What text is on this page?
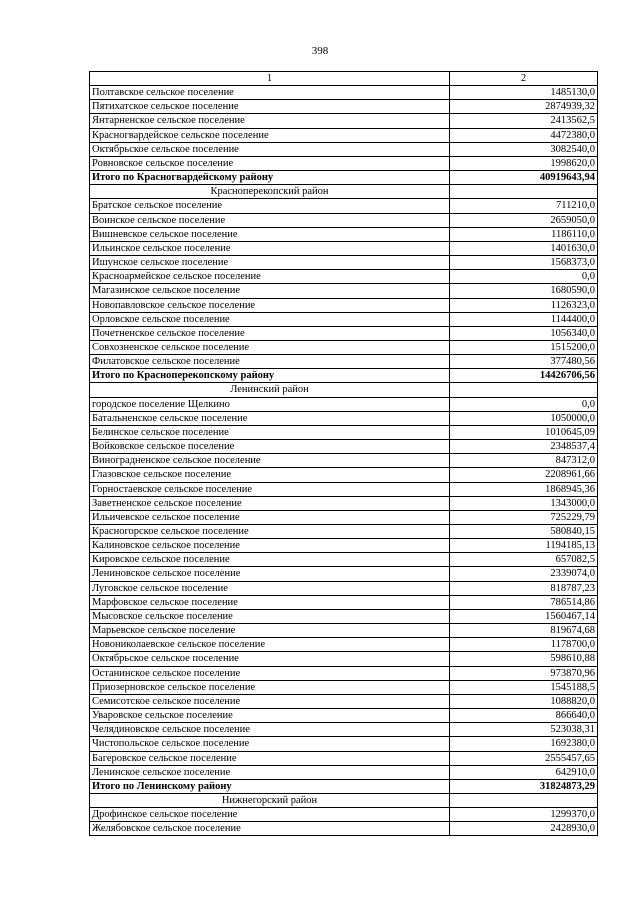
398
1	2
Полтавское сельское поселение	1485130,0
Пятихатское сельское поселение	2874939,32
Янтарненское сельское поселение	2413562,5
Красногвардейское сельское поселение	4472380,0
Октябрьское сельское поселение	3082540,0
Ровновское сельское поселение	1998620,0
Итого по Красногвардейскому району	40919643,94
Красноперекопский район	
Братское сельское поселение	711210,0
Воинское сельское поселение	2659050,0
Вишневское сельское поселение	1186110,0
Ильинское сельское поселение	1401630,0
Ишунское сельское поселение	1568373,0
Красноармейское сельское поселение	0,0
Магазинское сельское поселение	1680590,0
Новопавловское сельское поселение	1126323,0
Орловское сельское поселение	1144400,0
Почетненское сельское поселение	1056340,0
Совхозненское сельское поселение	1515200,0
Филатовское сельское поселение	377480,56
Итого по Красноперекопскому району	14426706,56
Ленинский район	
городское поселение Щелкино	0,0
Батальненское сельское поселение	1050000,0
Белинское сельское поселение	1010645,09
Войковское сельское поселение	2348537,4
Виноградненское сельское поселение	847312,0
Глазовское сельское поселение	2208961,66
Горностаевское сельское поселение	1868945,36
Заветненское сельское поселение	1343000,0
Ильичевское сельское поселение	725229,79
Красногорское сельское поселение	580840,15
Калиновское сельское поселение	1194185,13
Кировское сельское поселение	657082,5
Лениновское сельское поселение	2339074,0
Луговское сельское поселение	818787,23
Марфовское сельское поселение	786514,86
Мысовское сельское поселение	1560467,14
Марьевское сельское поселение	819674,68
Новониколаевское сельское поселение	1178700,0
Октябрьское сельское поселение	598610,88
Останинское сельское поселение	973870,96
Приозерновское сельское поселение	1545188,5
Семисотское сельское поселение	1088820,0
Уваровское сельское поселение	866640,0
Челядиновское сельское поселение	523038,31
Чистопольское сельское поселение	1692380,0
Багеровское сельское поселение	2555457,65
Ленинское сельское поселение	642910,0
Итого по Ленинскому району	31824873,29
Нижнегорский район	
Дрофинское сельское поселение	1299370,0
Желябовское сельское поселение	2428930,0
